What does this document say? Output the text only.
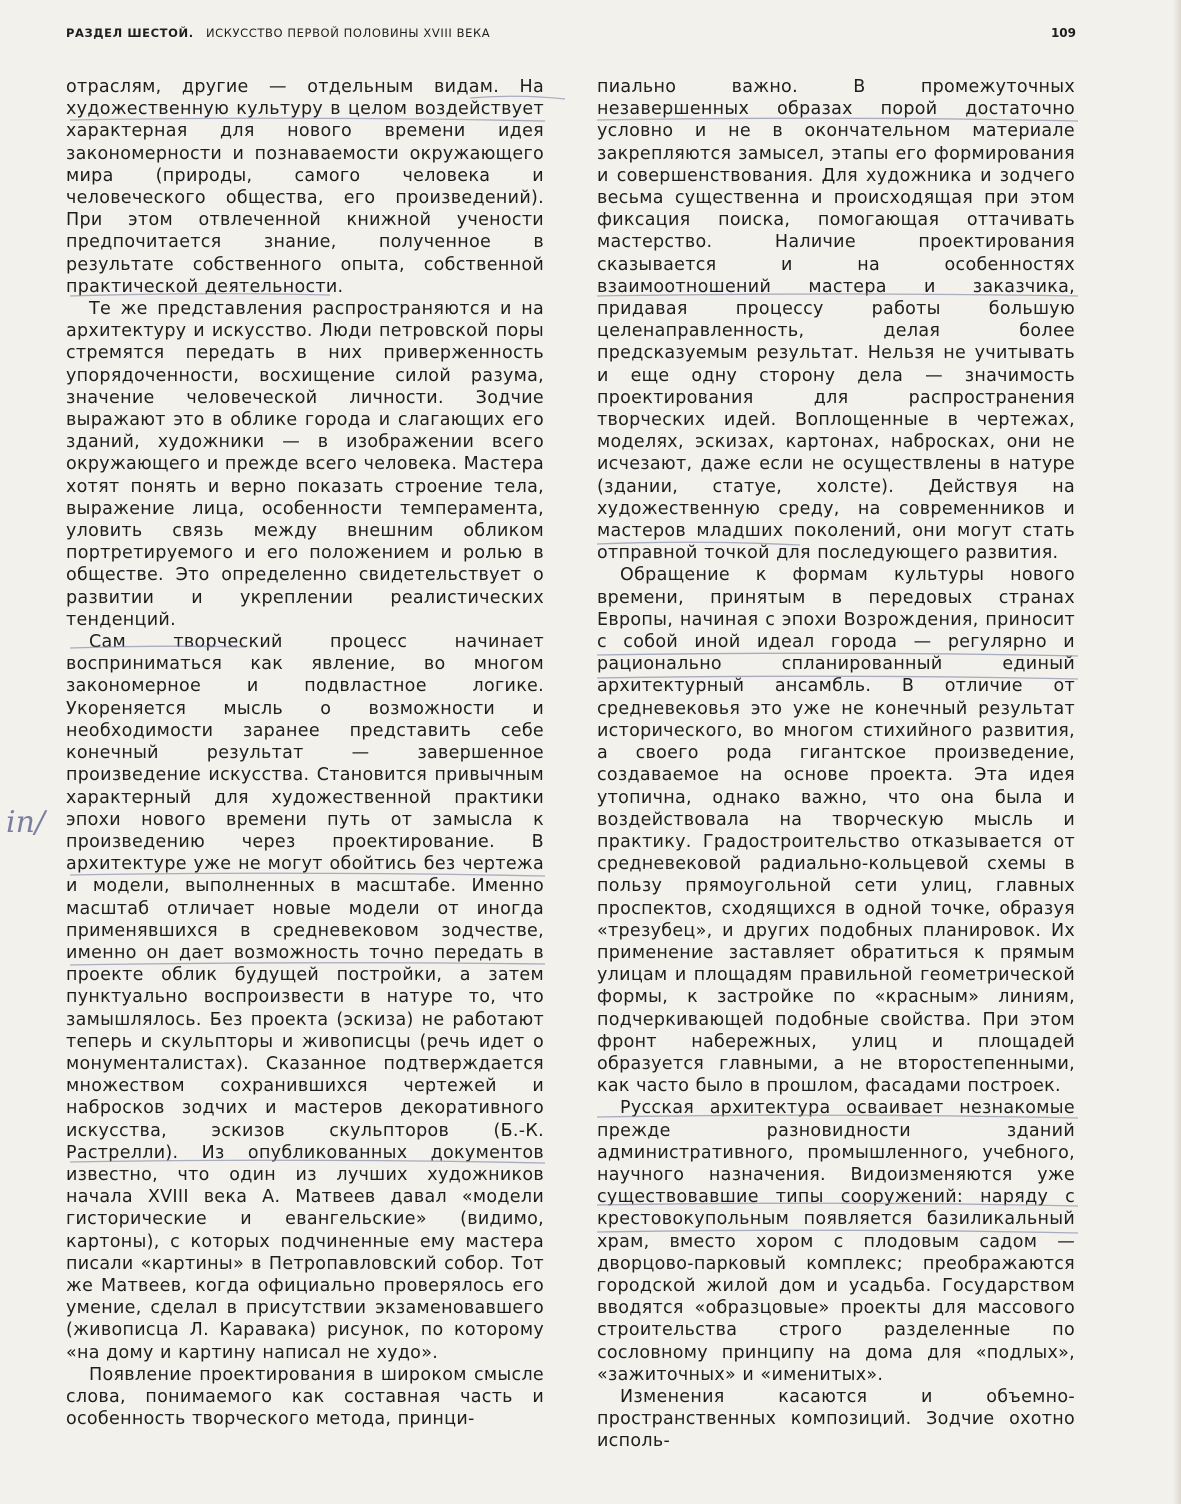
РАЗДЕЛ ШЕСТОЙ. ИСКУССТВО ПЕРВОЙ ПОЛОВИНЫ XVIII ВЕКА	109

отраслям, другие — отдельным видам. На художественную культуру в целом воздействует характерная для нового времени идея закономерности и познаваемости окружающего мира (природы, самого человека и человеческого общества, его произведений). При этом отвлеченной книжной учености предпочитается знание, полученное в результате собственного опыта, собственной практической деятельности.

Те же представления распространяются и на архитектуру и искусство. Люди петровской поры стремятся передать в них приверженность упорядоченности, восхищение силой разума, значение человеческой личности. Зодчие выражают это в облике города и слагающих его зданий, художники — в изображении всего окружающего и прежде всего человека. Мастера хотят понять и верно показать строение тела, выражение лица, особенности темперамента, уловить связь между внешним обликом портретируемого и его положением и ролью в обществе. Это определенно свидетельствует о развитии и укреплении реалистических тенденций.

Сам творческий процесс начинает восприниматься как явление, во многом закономерное и подвластное логике. Укореняется мысль о возможности и необходимости заранее представить себе конечный результат — завершенное произведение искусства. Становится привычным характерный для художественной практики эпохи нового времени путь от замысла к произведению через проектирование. В архитектуре уже не могут обойтись без чертежа и модели, выполненных в масштабе. Именно масштаб отличает новые модели от иногда применявшихся в средневековом зодчестве, именно он дает возможность точно передать в проекте облик будущей постройки, а затем пунктуально воспроизвести в натуре то, что замышлялось. Без проекта (эскиза) не работают теперь и скульпторы и живописцы (речь идет о монументалистах). Сказанное подтверждается множеством сохранившихся чертежей и набросков зодчих и мастеров декоративного искусства, эскизов скульпторов (Б.-К. Растрелли). Из опубликованных документов известно, что один из лучших художников начала XVIII века А. Матвеев давал «модели гисторические и евангельские» (видимо, картоны), с которых подчиненные ему мастера писали «картины» в Петропавловский собор. Тот же Матвеев, когда официально проверялось его умение, сделал в присутствии экзаменовавшего (живописца Л. Каравака) рисунок, по которому «на дому и картину написал не худо».

Появление проектирования в широком смысле слова, понимаемого как составная часть и особенность творческого метода, принци-

пиально важно. В промежуточных незавершенных образах порой достаточно условно и не в окончательном материале закрепляются замысел, этапы его формирования и совершенствования. Для художника и зодчего весьма существенна и происходящая при этом фиксация поиска, помогающая оттачивать мастерство. Наличие проектирования сказывается и на особенностях взаимоотношений мастера и заказчика, придавая процессу работы большую целенаправленность, делая более предсказуемым результат. Нельзя не учитывать и еще одну сторону дела — значимость проектирования для распространения творческих идей. Воплощенные в чертежах, моделях, эскизах, картонах, набросках, они не исчезают, даже если не осуществлены в натуре (здании, статуе, холсте). Действуя на художественную среду, на современников и мастеров младших поколений, они могут стать отправной точкой для последующего развития.

Обращение к формам культуры нового времени, принятым в передовых странах Европы, начиная с эпохи Возрождения, приносит с собой иной идеал города — регулярно и рационально спланированный единый архитектурный ансамбль. В отличие от средневековья это уже не конечный результат исторического, во многом стихийного развития, а своего рода гигантское произведение, создаваемое на основе проекта. Эта идея утопична, однако важно, что она была и воздействовала на творческую мысль и практику. Градостроительство отказывается от средневековой радиально-кольцевой схемы в пользу прямоугольной сети улиц, главных проспектов, сходящихся в одной точке, образуя «трезубец», и других подобных планировок. Их применение заставляет обратиться к прямым улицам и площадям правильной геометрической формы, к застройке по «красным» линиям, подчеркивающей подобные свойства. При этом фронт набережных, улиц и площадей образуется главными, а не второстепенными, как часто было в прошлом, фасадами построек.

Русская архитектура осваивает незнакомые прежде разновидности зданий административного, промышленного, учебного, научного назначения. Видоизменяются уже существовавшие типы сооружений: наряду с крестовокупольным появляется базиликальный храм, вместо хором с плодовым садом — дворцово-парковый комплекс; преображаются городской жилой дом и усадьба. Государством вводятся «образцовые» проекты для массового строительства строго разделенные по сословному принципу на дома для «подлых», «зажиточных» и «именитых».

Изменения касаются и объемно-пространственных композиций. Зодчие охотно исполь-

in/
